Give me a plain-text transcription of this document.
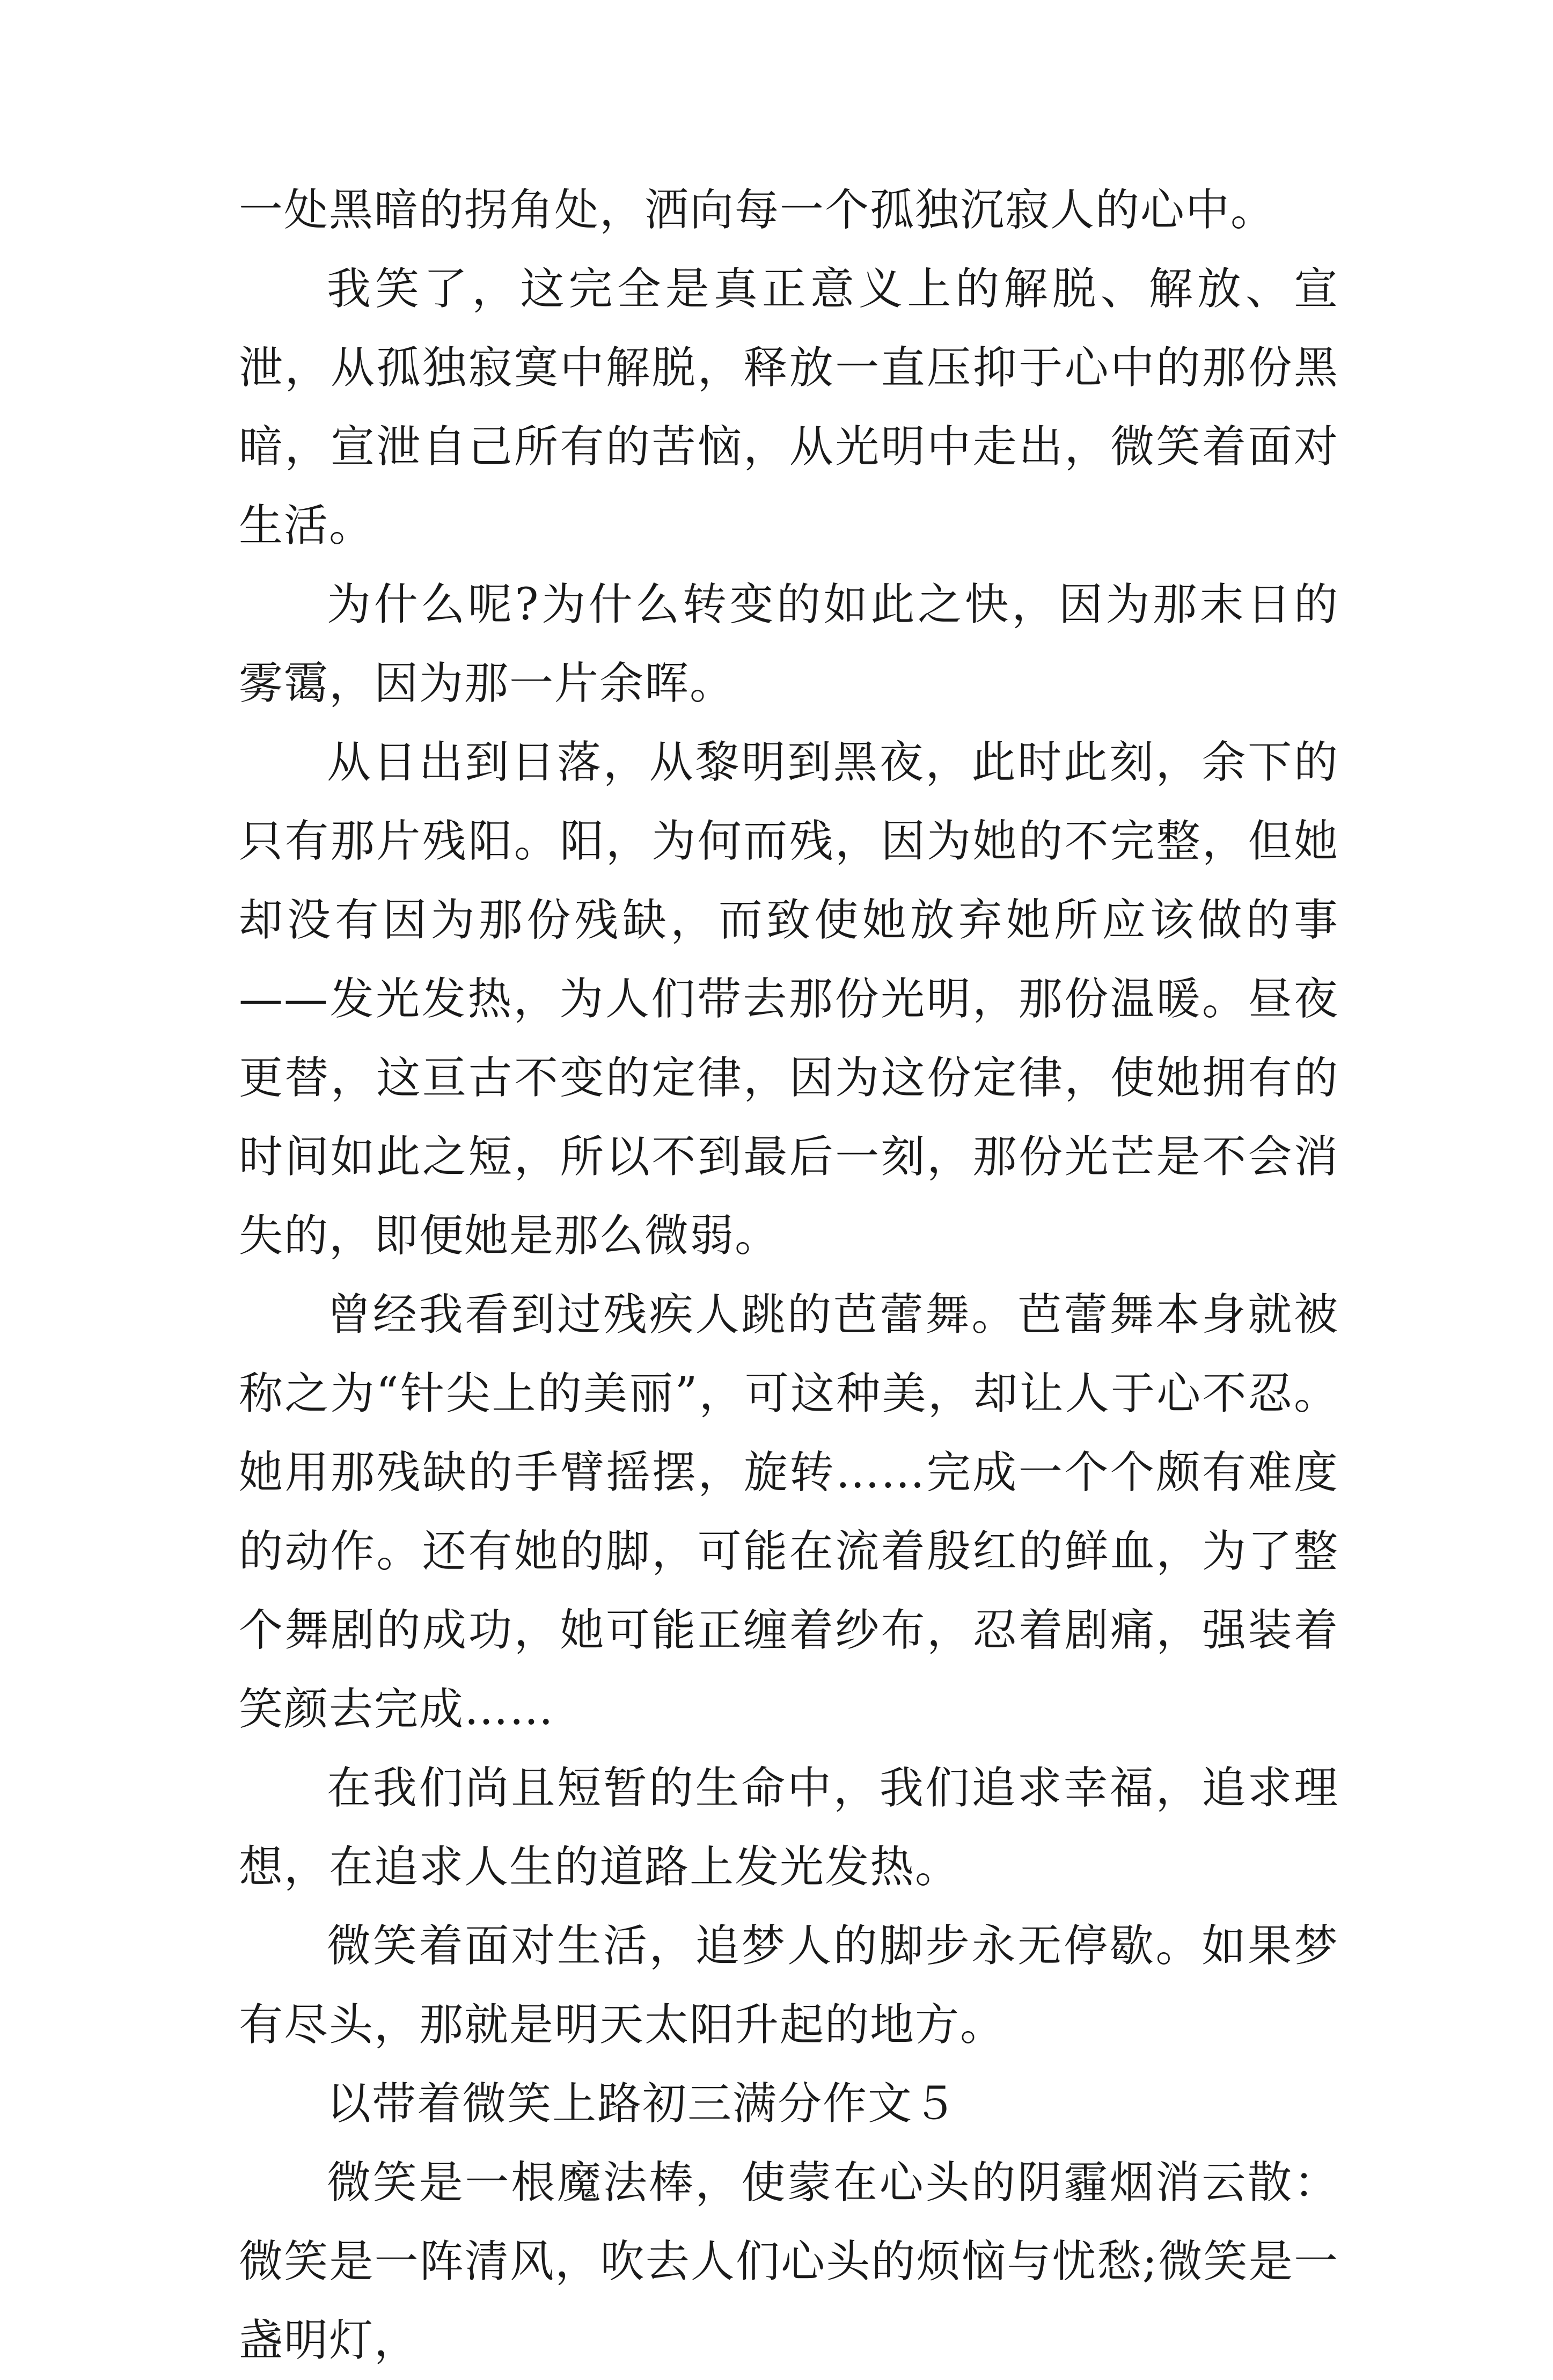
一处黑暗的拐角处，洒向每一个孤独沉寂人的心中。

我笑了，这完全是真正意义上的解脱、解放、宣泄，从孤独寂寞中解脱，释放一直压抑于心中的那份黑暗，宣泄自己所有的苦恼，从光明中走出，微笑着面对生活。

为什么呢?为什么转变的如此之快，因为那末日的雾霭，因为那一片余晖。

从日出到日落，从黎明到黑夜，此时此刻，余下的只有那片残阳。阳，为何而残，因为她的不完整，但她却没有因为那份残缺，而致使她放弃她所应该做的事——发光发热，为人们带去那份光明，那份温暖。昼夜更替，这亘古不变的定律，因为这份定律，使她拥有的时间如此之短，所以不到最后一刻，那份光芒是不会消失的，即便她是那么微弱。

曾经我看到过残疾人跳的芭蕾舞。芭蕾舞本身就被称之为“针尖上的美丽”，可这种美，却让人于心不忍。她用那残缺的手臂摇摆，旋转……完成一个个颇有难度的动作。还有她的脚，可能在流着殷红的鲜血，为了整个舞剧的成功，她可能正缠着纱布，忍着剧痛，强装着笑颜去完成……

在我们尚且短暂的生命中，我们追求幸福，追求理想，在追求人生的道路上发光发热。

微笑着面对生活，追梦人的脚步永无停歇。如果梦有尽头，那就是明天太阳升起的地方。

以带着微笑上路初三满分作文５

微笑是一根魔法棒，使蒙在心头的阴霾烟消云散：微笑是一阵清风，吹去人们心头的烦恼与忧愁;微笑是一盏明灯，
